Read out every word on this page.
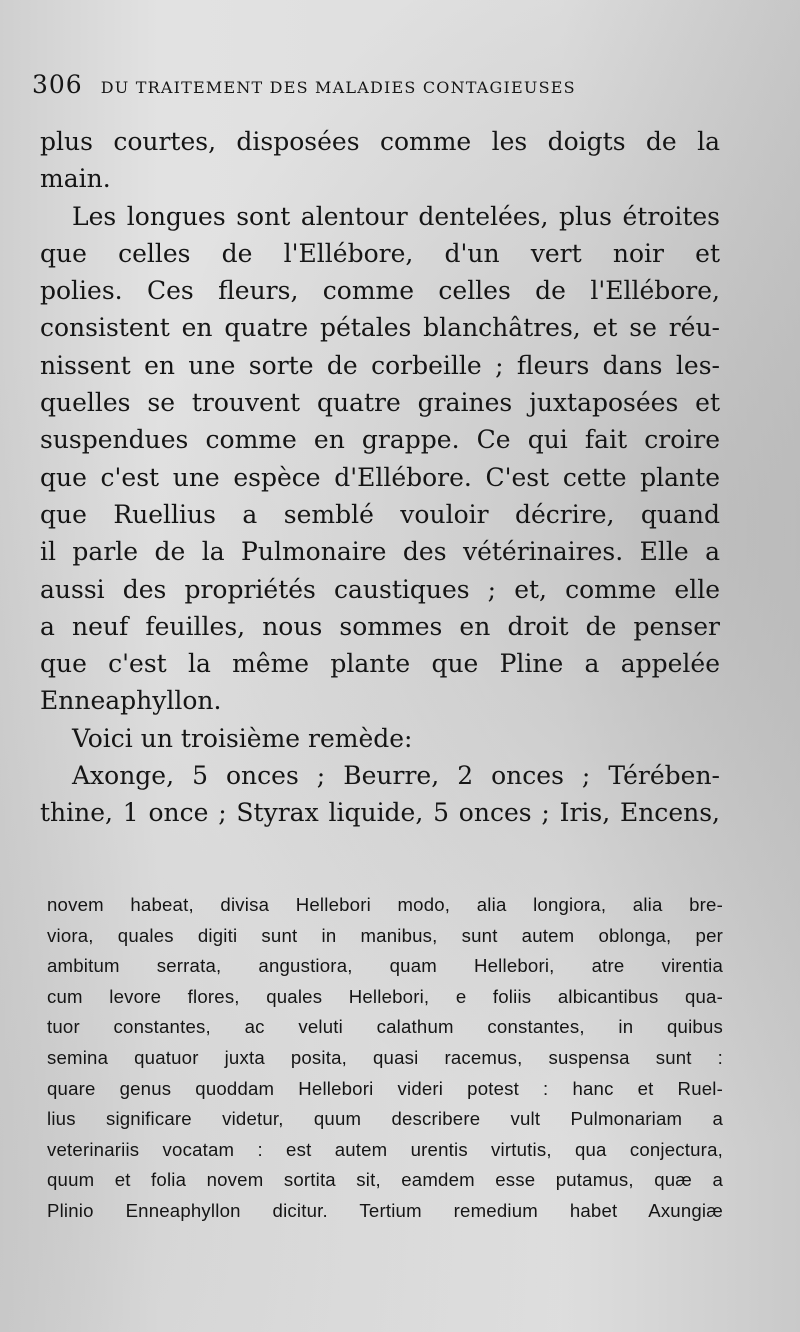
306 DU TRAITEMENT DES MALADIES CONTAGIEUSES
plus courtes, disposées comme les doigts de la
main.
Les longues sont alentour dentelées, plus étroites
que celles de l'Ellébore, d'un vert noir et
polies. Ces fleurs, comme celles de l'Ellébore,
consistent en quatre pétales blanchâtres, et se réu-
nissent en une sorte de corbeille ; fleurs dans les-
quelles se trouvent quatre graines juxtaposées et
suspendues comme en grappe. Ce qui fait croire
que c'est une espèce d'Ellébore. C'est cette plante
que Ruellius a semblé vouloir décrire, quand
il parle de la Pulmonaire des vétérinaires. Elle a
aussi des propriétés caustiques ; et, comme elle
a neuf feuilles, nous sommes en droit de penser
que c'est la même plante que Pline a appelée
Enneaphyllon.
Voici un troisième remède:
Axonge, 5 onces ; Beurre, 2 onces ; Térében-
thine, 1 once ; Styrax liquide, 5 onces ; Iris, Encens,
novem habeat, divisa Hellebori modo, alia longiora, alia bre-
viora, quales digiti sunt in manibus, sunt autem oblonga, per
ambitum serrata, angustiora, quam Hellebori, atre virentia
cum levore flores, quales Hellebori, e foliis albicantibus qua-
tuor constantes, ac veluti calathum constantes, in quibus
semina quatuor juxta posita, quasi racemus, suspensa sunt :
quare genus quoddam Hellebori videri potest : hanc et Ruel-
lius significare videtur, quum describere vult Pulmonariam a
veterinariis vocatam : est autem urentis virtutis, qua conjectura,
quum et folia novem sortita sit, eamdem esse putamus, quæ a
Plinio Enneaphyllon dicitur. Tertium remedium habet Axungiæ
